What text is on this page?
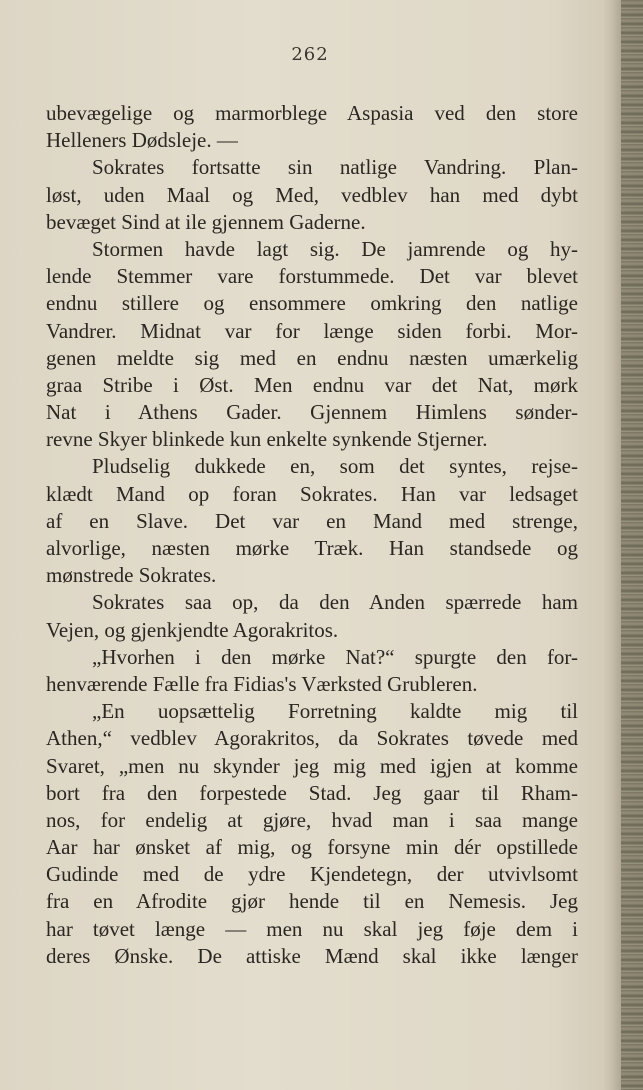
262
ubevægelige og marmorblege Aspasia ved den store
Helleners Dødsleje. —
Sokrates fortsatte sin natlige Vandring. Plan-
løst, uden Maal og Med, vedblev han med dybt
bevæget Sind at ile gjennem Gaderne.
Stormen havde lagt sig. De jamrende og hy-
lende Stemmer vare forstummede. Det var blevet
endnu stillere og ensommere omkring den natlige
Vandrer. Midnat var for længe siden forbi. Mor-
genen meldte sig med en endnu næsten umærkelig
graa Stribe i Øst. Men endnu var det Nat, mørk
Nat i Athens Gader. Gjennem Himlens sønder-
revne Skyer blinkede kun enkelte synkende Stjerner.
Pludselig dukkede en, som det syntes, rejse-
klædt Mand op foran Sokrates. Han var ledsaget
af en Slave. Det var en Mand med strenge,
alvorlige, næsten mørke Træk. Han standsede og
mønstrede Sokrates.
Sokrates saa op, da den Anden spærrede ham
Vejen, og gjenkjendte Agorakritos.
„Hvorhen i den mørke Nat?“ spurgte den for-
henværende Fælle fra Fidias's Værksted Grubleren.
„En uopsættelig Forretning kaldte mig til
Athen,“ vedblev Agorakritos, da Sokrates tøvede med
Svaret, „men nu skynder jeg mig med igjen at komme
bort fra den forpestede Stad. Jeg gaar til Rham-
nos, for endelig at gjøre, hvad man i saa mange
Aar har ønsket af mig, og forsyne min dér opstillede
Gudinde med de ydre Kjendetegn, der utvivlsomt
fra en Afrodite gjør hende til en Nemesis. Jeg
har tøvet længe — men nu skal jeg føje dem i
deres Ønske. De attiske Mænd skal ikke længer
